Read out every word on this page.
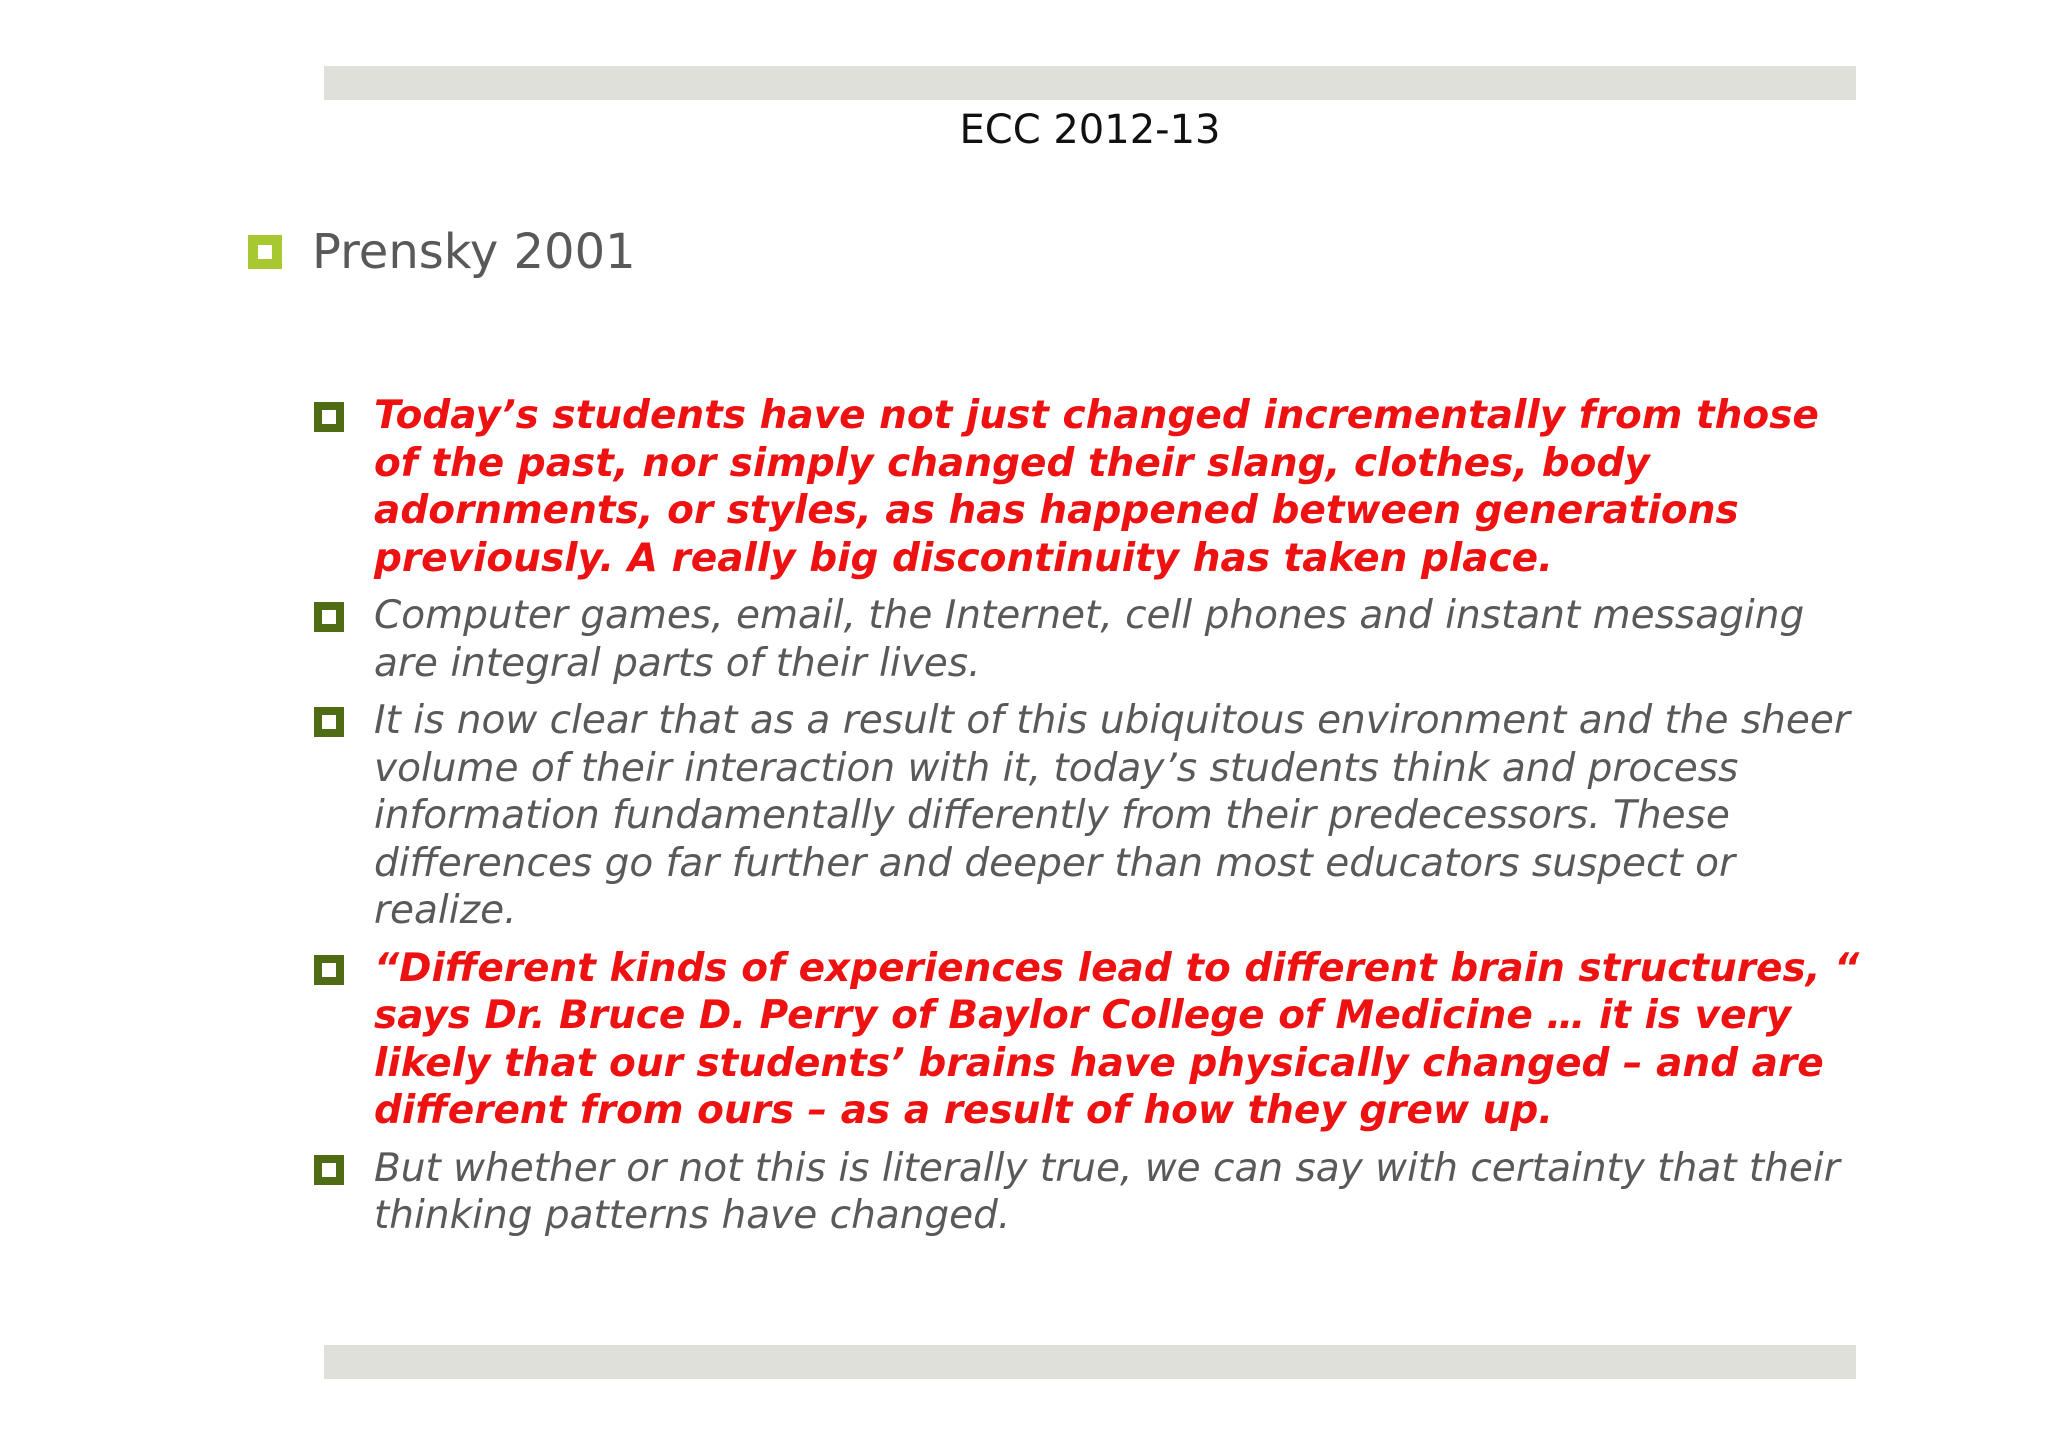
ECC 2012-13
Prensky 2001
Today’s students have not just changed incrementally from those of the past, nor simply changed their slang, clothes, body adornments, or styles, as has happened between generations previously. A really big discontinuity has taken place.
Computer games, email, the Internet, cell phones and instant messaging are integral parts of their lives.
It is now clear that as a result of this ubiquitous environment and the sheer volume of their interaction with it, today’s students think and process information fundamentally differently from their predecessors. These differences go far further and deeper than most educators suspect or realize.
“Different kinds of experiences lead to different brain structures, “ says Dr. Bruce D. Perry of Baylor College of Medicine … it is very likely that our students’ brains have physically changed – and are different from ours – as a result of how they grew up.
But whether or not this is literally true, we can say with certainty that their thinking patterns have changed.
